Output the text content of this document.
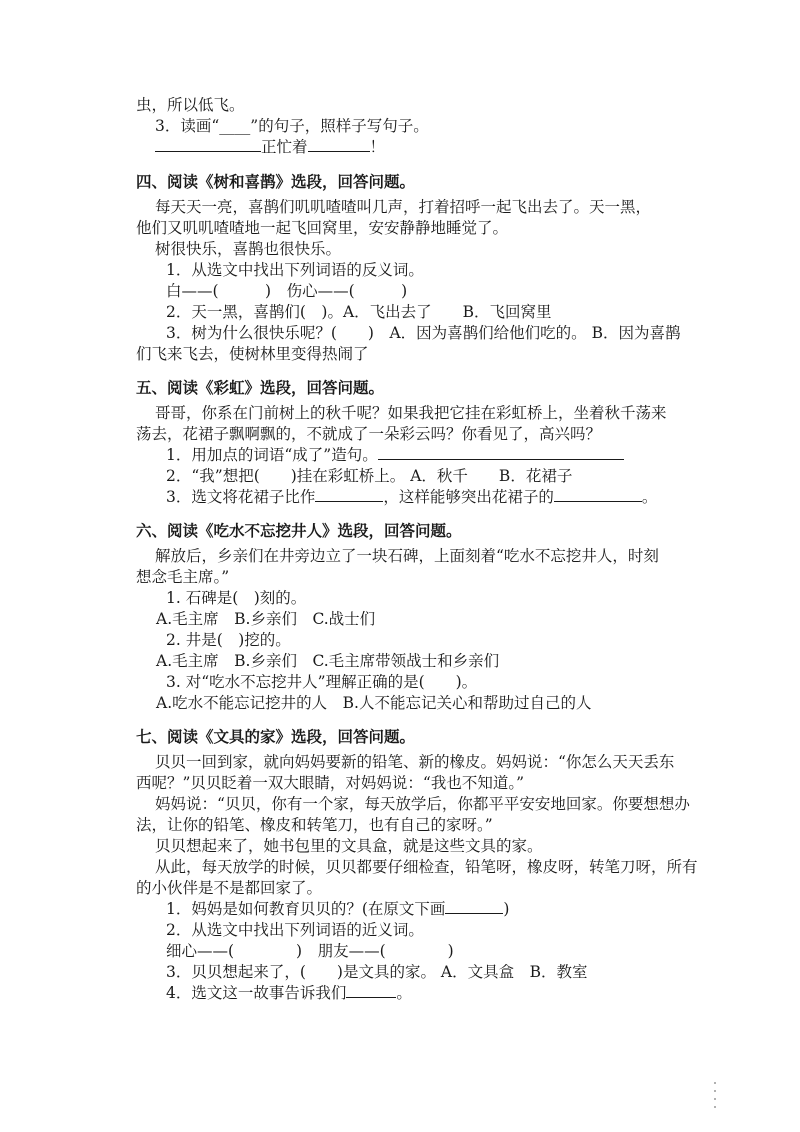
虫，所以低飞。
3．读画“____”的句子，照样子写句子。
正忙着	！
四、阅读《树和喜鹊》选段，回答问题。
每天天一亮，喜鹊们叽叽喳喳叫几声，打着招呼一起飞出去了。天一黑，
他们又叽叽喳喳地一起飞回窝里，安安静静地睡觉了。
树很快乐，喜鹊也很快乐。
1．从选文中找出下列词语的反义词。
白——(　　　)　伤心——(　　　)
2．天一黑，喜鹊们(　)。A．飞出去了　　B．飞回窝里
3．树为什么很快乐呢？(　　)　A．因为喜鹊们给他们吃的。 B．因为喜鹊
们飞来飞去，使树林里变得热闹了
五、阅读《彩虹》选段，回答问题。
哥哥，你系在门前树上的秋千呢？如果我把它挂在彩虹桥上，坐着秋千荡来
荡去，花裙子飘啊飘的，不就成了一朵彩云吗？你看见了，高兴吗？
1．用加点的词语“成了”造句。
2．“我”想把(　　)挂在彩虹桥上。 A．秋千　　B．花裙子
3．选文将花裙子比作	，这样能够突出花裙子的	。
六、阅读《吃水不忘挖井人》选段，回答问题。
解放后，乡亲们在井旁边立了一块石碑，上面刻着“吃水不忘挖井人，时刻
想念毛主席。”
1. 石碑是(　)刻的。
A.毛主席　B.乡亲们　C.战士们
2. 井是(　)挖的。
A.毛主席　B.乡亲们　C.毛主席带领战士和乡亲们
3. 对“吃水不忘挖井人”理解正确的是(　　)。
A.吃水不能忘记挖井的人　B.人不能忘记关心和帮助过自己的人
七、阅读《文具的家》选段，回答问题。
贝贝一回到家，就向妈妈要新的铅笔、新的橡皮。妈妈说：“你怎么天天丢东
西呢？”贝贝眨着一双大眼睛，对妈妈说：“我也不知道。”
妈妈说：“贝贝，你有一个家，每天放学后，你都平平安安地回家。你要想想办
法，让你的铅笔、橡皮和转笔刀，也有自己的家呀。”
贝贝想起来了，她书包里的文具盒，就是这些文具的家。
从此，每天放学的时候，贝贝都要仔细检查，铅笔呀，橡皮呀，转笔刀呀，所有
的小伙伴是不是都回家了。
1．妈妈是如何教育贝贝的？(在原文下画	)
2．从选文中找出下列词语的近义词。
细心——(　　　　)　朋友——(　　　　)
3．贝贝想起来了，(　　)是文具的家。 A．文具盒　B．教室
4．选文这一故事告诉我们	。
